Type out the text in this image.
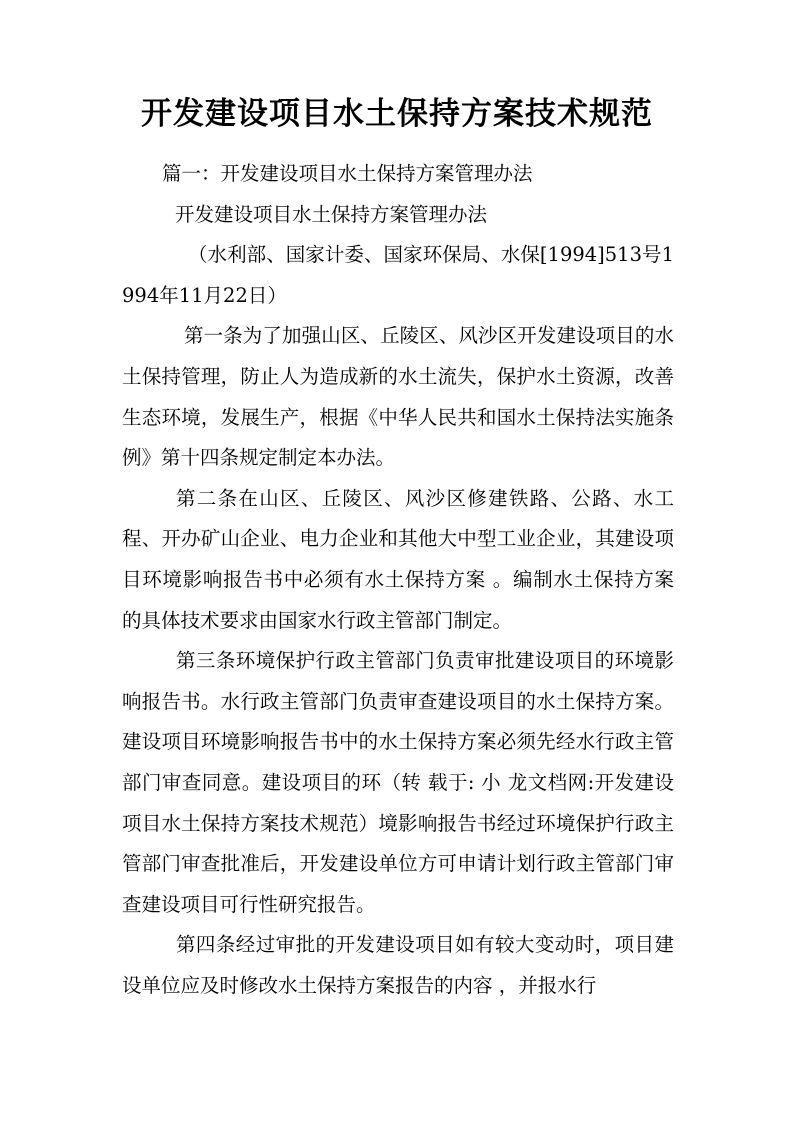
开发建设项目水土保持方案技术规范

篇一：开发建设项目水土保持方案管理办法

开发建设项目水土保持方案管理办法

（水利部、国家计委、国家环保局、水保[1994]513号1994年11月22日）

第一条为了加强山区、丘陵区、风沙区开发建设项目的水土保持管理，防止人为造成新的水土流失，保护水土资源，改善生态环境，发展生产，根据《中华人民共和国水土保持法实施条例》第十四条规定制定本办法。

第二条在山区、丘陵区、风沙区修建铁路、公路、水工程、开办矿山企业、电力企业和其他大中型工业企业，其建设项目环境影响报告书中必须有水土保持方案 。编制水土保持方案的具体技术要求由国家水行政主管部门制定。

第三条环境保护行政主管部门负责审批建设项目的环境影响报告书。水行政主管部门负责审查建设项目的水土保持方案。建设项目环境影响报告书中的水土保持方案必须先经水行政主管部门审查同意。建设项目的环（转 载于: 小 龙文档网:开发建设项目水土保持方案技术规范）境影响报告书经过环境保护行政主管部门审查批准后，开发建设单位方可申请计划行政主管部门审查建设项目可行性研究报告。

第四条经过审批的开发建设项目如有较大变动时，项目建设单位应及时修改水土保持方案报告的内容 ，并报水行
